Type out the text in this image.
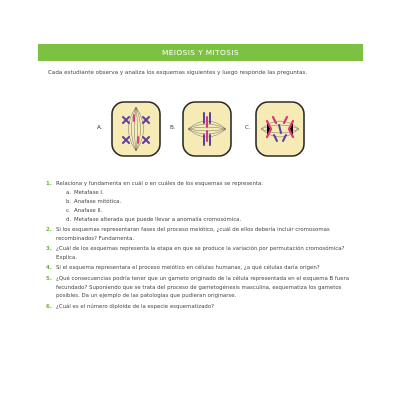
MEIOSIS Y MITOSIS
Cada estudiante observa y analiza los esquemas siguientes y luego responde las preguntas.
A.	B.	C.
1. Relaciona y fundamenta en cuál o en cuáles de los esquemas se representa:
a. Metafase I.
b. Anafase mitótica.
c. Anafase II.
d. Metafase alterada que puede llevar a anomalía cromosómica.
2. Si los esquemas representaran fases del proceso meiótico, ¿cuál de ellos debería incluir cromosomas recombinados? Fundamenta.
3. ¿Cuál de los esquemas representa la etapa en que se produce la variación por permutación cromosómica? Explica.
4. Si el esquema representara el proceso meiótico en células humanas, ¿a qué células daría origen?
5. ¿Qué consecuencias podría tener que un gameto originado de la célula representada en el esquema B fuera fecundado? Suponiendo que se trata del proceso de gametogénesis masculina, esquematiza los gametos posibles. Da un ejemplo de las patologías que pudieran originarse.
6. ¿Cuál es el número diploide de la especie esquematizado?
